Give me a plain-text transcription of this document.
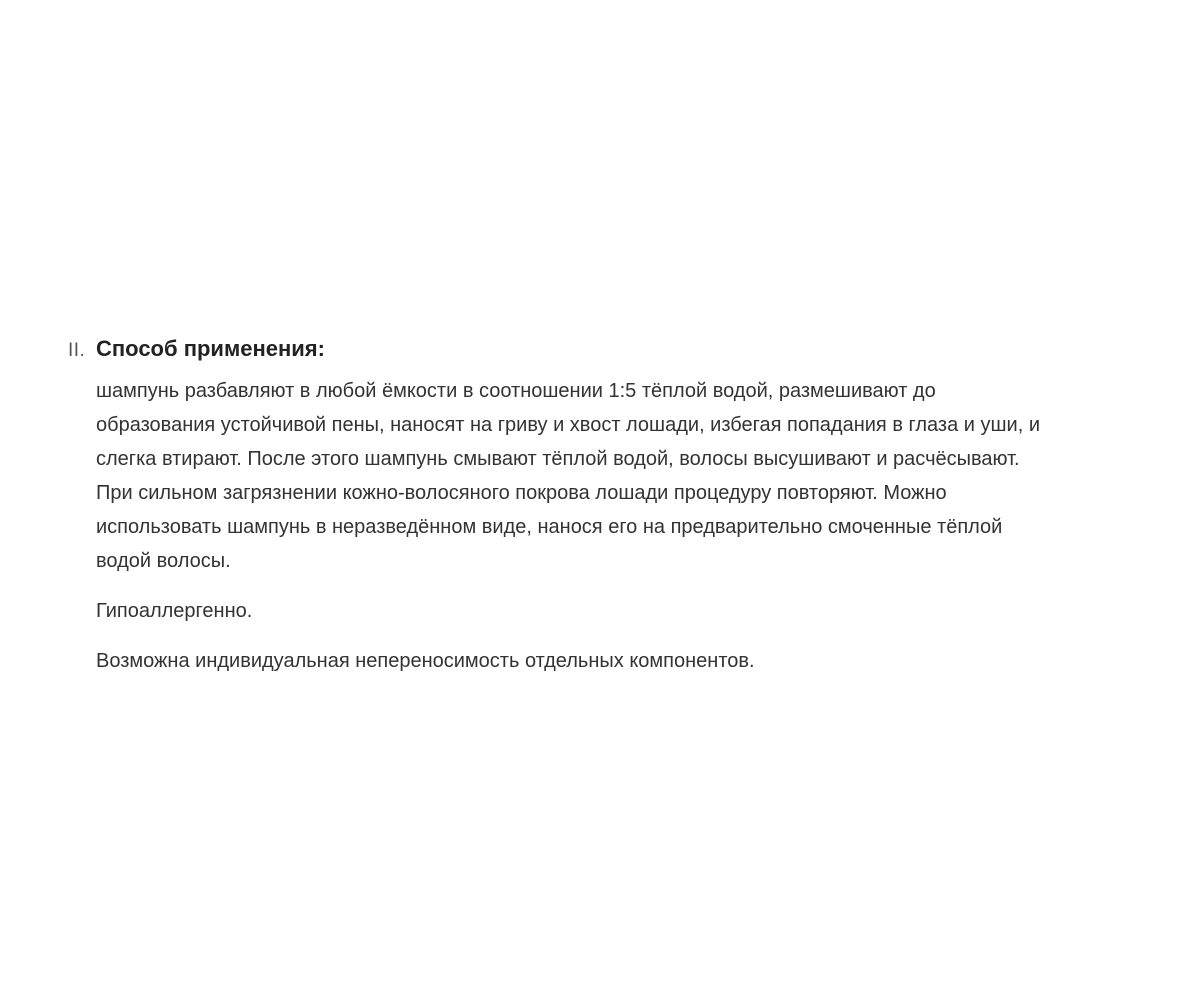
II. Способ применения:

шампунь разбавляют в любой ёмкости в соотношении 1:5 тёплой водой, размешивают до
образования устойчивой пены, наносят на гриву и хвост лошади, избегая попадания в глаза и уши, и
слегка втирают. После этого шампунь смывают тёплой водой, волосы высушивают и расчёсывают.
При сильном загрязнении кожно-волосяного покрова лошади процедуру повторяют. Можно
использовать шампунь в неразведённом виде, нанося его на предварительно смоченные тёплой
водой волосы.

Гипоаллергенно.

Возможна индивидуальная непереносимость отдельных компонентов.
